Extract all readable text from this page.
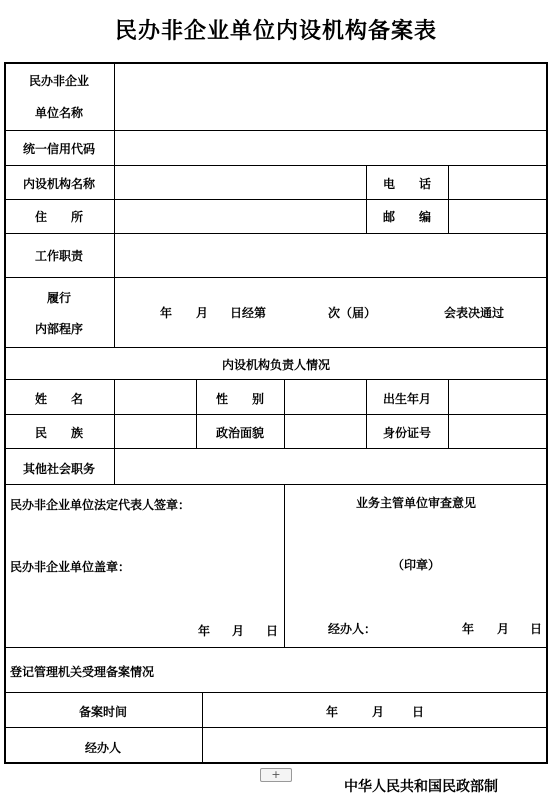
民办非企业单位内设机构备案表
民办非企业
单位名称
统一信用代码
内设机构名称	电　　话
住　　所	邮　　编
工作职责
履行
内部程序
年 月 日经第	次（届）	会表决通过
内设机构负责人情况
姓　　名	性　　别	出生年月
民　　族	政治面貌	身份证号
其他社会职务
民办非企业单位法定代表人签章：
民办非企业单位盖章：
年 月 日
业务主管单位审查意见
（印章）
经办人：	年 月 日
登记管理机关受理备案情况
备案时间	年	月 日
经办人
+
中华人民共和国民政部制
